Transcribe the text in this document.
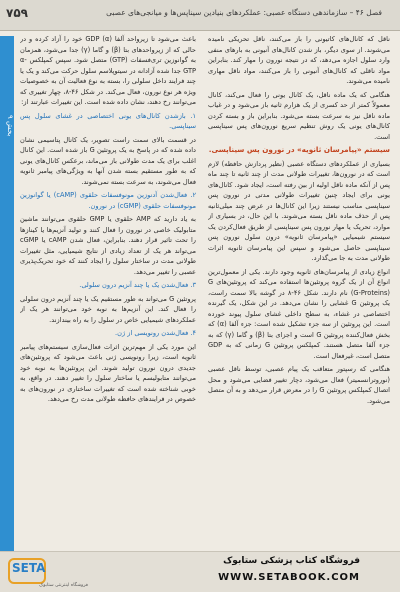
۷۵۹	فصل ۴۶ – سازماندهی دستگاه عصبی: عملکردهای بنیادین سیناپس‌ها و میانجی‌های عصبی
بخش ۹

ناقل که کانال‌های کاتیونی را باز می‌کنند، ناقل تحریکی نامیده می‌شوند. از سوی دیگر، باز شدن کانال‌های آنیونی به بارهای منفی وارد سلول اجازه می‌دهد، که در نتیجه نورون را مهار کند. بنابراین مواد ناقلی که کانال‌های آنیونی را باز می‌کنند، مواد ناقل مهاری نامیده می‌شوند.

هنگامی که یک ماده ناقل، یک کانال یونی را فعال می‌کند، کانال معمولاً کمتر از حد کسری از یک هزارم ثانیه باز می‌شود و در غیاب ماده ناقل نیز به سرعت بسته می‌شود. بنابراین باز و بسته کردن کانال‌های یونی یک روش تنظیم سریع نورون‌های پس سیناپسی است.

سیستم «پیامرسان ثانویه» در نورون پس سیناپسی.

بسیاری از عملکردهای دستگاه عصبی (نظیر پردازش حافظه) لازم است که در نورون‌ها، تغییرات طولانی مدت از چند ثانیه تا چند ماه پس از آنکه ماده ناقل اولیه از بین رفته است، ایجاد شود. کانال‌های یونی برای ایجاد چنین تغییرات طولانی مدتی در نورون پس سیناپسی مناسب نیستند زیرا این کانال‌ها در عرض چند میلی‌ثانیه پس از حذف ماده ناقل بسته می‌شوند. با این حال، در بسیاری از موارد، تحریک یا مهار نورون پس سیناپسی از طریق فعال‌کردن یک سیستم شیمیایی «پیامرسان ثانویه» درون سلول نورون پس سیناپسی حاصل می‌شود و سپس این پیامرسان ثانویه اثرات طولانی مدت به جا می‌گذارد.

انواع زیادی از پیامرسان‌های ثانویه وجود دارند. یکی از معمول‌ترین انواع آن از یک گروه پروتئین‌ها استفاده می‌کند که پروتئین‌های G (G-Proteins) نام دارند. شکل ۴۶-۸ در گوشه بالا سمت راست، یک پروتئین G غشایی را نشان می‌دهد. در این شکل، یک گیرنده اختصاصی در غشاء، به سطح داخلی غشای سلول پیوند خورده است. این پروتئین از سه جزء تشکیل شده است: جزء آلفا (α) که بخش فعال‌کننده پروتئین G است و اجزای بتا (β) و گاما (γ) که به جزء آلفا متصل هستند. کمپلکس پروتئین G زمانی که به GDP متصل است، غیرفعال است.

هنگامی که رسپتور متعاقب یک پیام عصبی، توسط ناقل عصبی (نوروترانسمیتر) فعال می‌شود، دچار تغییر فضایی می‌شود و محل اتصال کمپلکس پروتئین G را در معرض قرار می‌دهد و به آن متصل می‌شود.

باعث می‌شود تا زیرواحد آلفا (α) GDP خود را آزاد کرده و در حالی که از زیرواحدهای بتا (β) و گاما (γ) جدا می‌شود، همزمان به گوانوزین تری‌فسفات (GTP) متصل شود. سپس کمپلکس α-GTP جدا شده آزادانه در سیتوپلاسم سلول حرکت می‌کند و یک یا چند فرایند داخل سلولی را، بسته به نوع فعالیت آن به خصوصیات ویژه هر نوع نورون، فعال می‌کند. در شکل ۴۶-۸، چهار تغییری که می‌توانند رخ دهند، نشان داده شده است. این تغییرات عبارتند از:

۱. بازشدن کانال‌های یونی اختصاصی در غشای سلول پس سیناپسی.

در قسمت بالای سمت راست تصویر، یک کانال پتاسیمی نشان داده شده که در پاسخ به یک پروتئین G باز شده است. این کانال اغلب برای یک مدت طولانی باز می‌ماند، برعکس کانال‌های یونی که به طور مستقیم بسته شدن آنها به ویژگی‌های پیامبر ثانویه فعال می‌شوند، به سرعت بسته نمی‌شوند.

۲. فعال‌شدن آدنوزین مونوفسفات حلقوی (cAMP) یا گوانوزین مونوفسفات حلقوی (cGMP) در نورون.

به یاد دارید که AMP حلقوی یا GMP حلقوی می‌توانند ماشین متابولیک خاصی در نورون را فعال کنند و تولید آنزیم‌ها یا کینازها را تحت تاثیر قرار دهند. بنابراین، فعال شدن cAMP یا cGMP می‌تواند هر یک از تعداد زیادی از نتایج شیمیایی، مثل تغییرات طولانی مدت در ساختار سلول را ایجاد کنند که خود تحریک‌پذیری عصبی را تغییر می‌دهد.

۳. فعال‌شدن یک یا چند آنزیم درون سلولی.

پروتئین G می‌تواند به طور مستقیم یک یا چند آنزیم درون سلولی را فعال کند. این آنزیم‌ها به نوبه خود می‌توانند هر یک از عملکردهای شیمیایی خاص در سلول را به راه بیندازند.

۴. فعال‌شدن رونویسی از ژن.

این مورد یکی از مهم‌ترین اثرات فعال‌سازی سیستم‌های پیامبر ثانویه است، زیرا رونویسی ژنی باعث می‌شود که پروتئین‌های جدیدی درون نورون تولید شوند. این پروتئین‌ها به نوبه خود می‌توانند متابولیسم یا ساختار سلول را تغییر دهند. در واقع، به خوبی شناخته شده است که تغییرات ساختاری در نورون‌های به خصوص در فرایندهای حافظه طولانی مدت رخ می‌دهد.

SETA
فروشگاه اینترنتی ستابوک
فروشگاه کتاب پزشکی ستابوک
WWW.SETABOOK.COM
